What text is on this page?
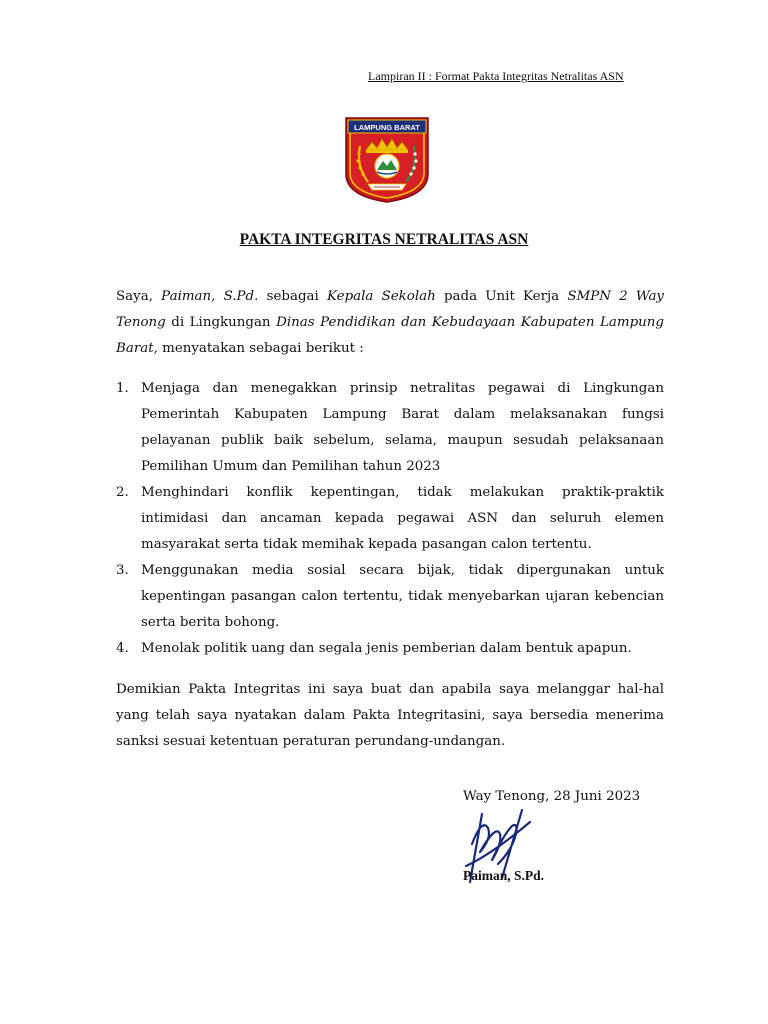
Lampiran II : Format Pakta Integritas Netralitas ASN
LAMPUNG BARAT
PAKTA INTEGRITAS NETRALITAS ASN
Saya, Paiman, S.Pd. sebagai Kepala Sekolah pada Unit Kerja SMPN 2 Way Tenong di Lingkungan Dinas Pendidikan dan Kebudayaan Kabupaten Lampung Barat, menyatakan sebagai berikut :
1. Menjaga dan menegakkan prinsip netralitas pegawai di Lingkungan Pemerintah Kabupaten Lampung Barat dalam melaksanakan fungsi pelayanan publik baik sebelum, selama, maupun sesudah pelaksanaan Pemilihan Umum dan Pemilihan tahun 2023
2. Menghindari konflik kepentingan, tidak melakukan praktik-praktik intimidasi dan ancaman kepada pegawai ASN dan seluruh elemen masyarakat serta tidak memihak kepada pasangan calon tertentu.
3. Menggunakan media sosial secara bijak, tidak dipergunakan untuk kepentingan pasangan calon tertentu, tidak menyebarkan ujaran kebencian serta berita bohong.
4. Menolak politik uang dan segala jenis pemberian dalam bentuk apapun.
Demikian Pakta Integritas ini saya buat dan apabila saya melanggar hal-hal yang telah saya nyatakan dalam Pakta Integritasini, saya bersedia menerima sanksi sesuai ketentuan peraturan perundang-undangan.
Way Tenong, 28 Juni 2023
Paiman, S.Pd.
